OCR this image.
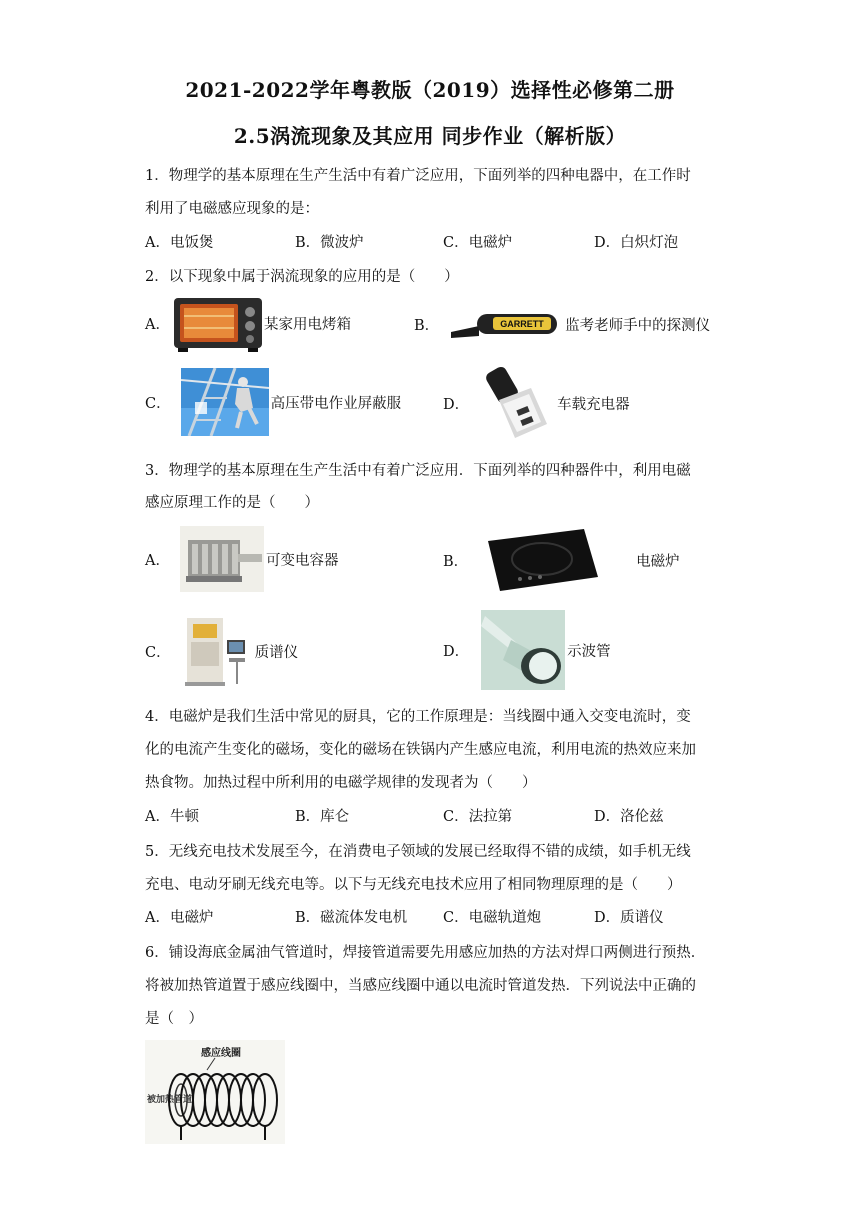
2021-2022学年粤教版（2019）选择性必修第二册
2.5涡流现象及其应用 同步作业（解析版）
1．物理学的基本原理在生产生活中有着广泛应用，下面列举的四种电器中，在工作时
利用了电磁感应现象的是：
A．电饭煲	B．微波炉	C．电磁炉	D．白炽灯泡
2．以下现象中属于涡流现象的应用的是（　　）
A．	某家用电烤箱	B．	GARRETT 监考老师手中的探测仪
C．	高压带电作业屏蔽服	D．	车载充电器
3．物理学的基本原理在生产生活中有着广泛应用．下面列举的四种器件中，利用电磁
感应原理工作的是（　　）
A．	可变电容器	B．	电磁炉
C．	质谱仪	D．	示波管
4．电磁炉是我们生活中常见的厨具，它的工作原理是：当线圈中通入交变电流时，变
化的电流产生变化的磁场，变化的磁场在铁锅内产生感应电流，利用电流的热效应来加
热食物。加热过程中所利用的电磁学规律的发现者为（　　）
A．牛顿	B．库仑	C．法拉第	D．洛伦兹
5．无线充电技术发展至今，在消费电子领域的发展已经取得不错的成绩，如手机无线
充电、电动牙刷无线充电等。以下与无线充电技术应用了相同物理原理的是（　　）
A．电磁炉	B．磁流体发电机 C．电磁轨道炮	D．质谱仪
6．铺设海底金属油气管道时，焊接管道需要先用感应加热的方法对焊口两侧进行预热．
将被加热管道置于感应线圈中，当感应线圈中通以电流时管道发热．下列说法中正确的
是（　）
感应线圈
被加热管道
